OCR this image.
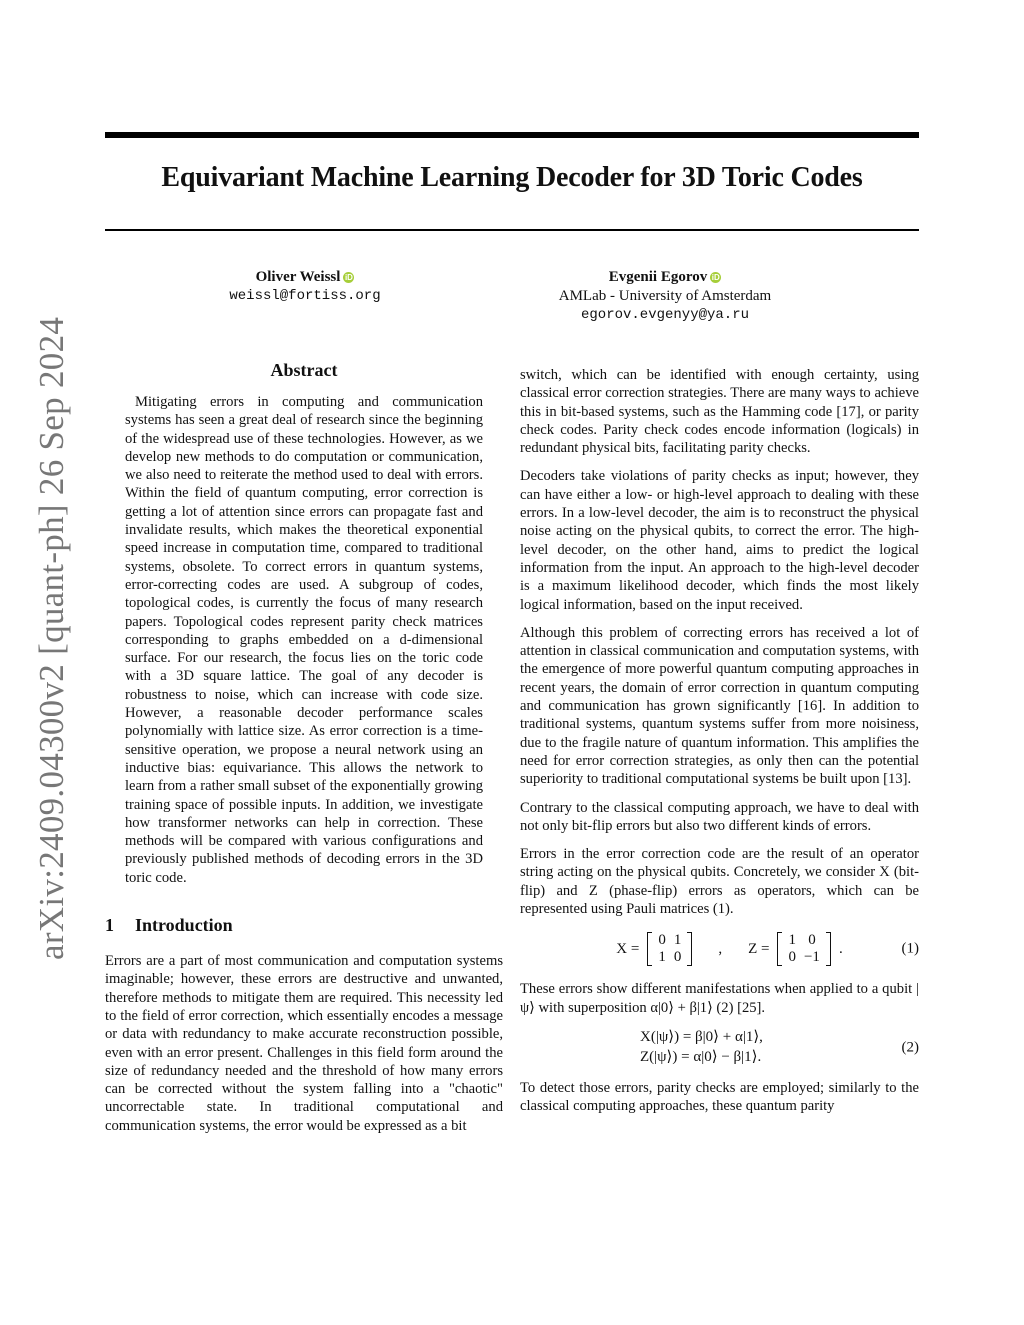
Equivariant Machine Learning Decoder for 3D Toric Codes
Oliver Weissl iD
weissl@fortiss.org
Evgenii Egorov iD
AMLab - University of Amsterdam
egorov.evgenyy@ya.ru
arXiv:2409.04300v2 [quant-ph] 26 Sep 2024	Abstract
Mitigating errors in computing and communication systems has seen a great deal of research since the beginning of the widespread use of these technologies. However, as we develop new methods to do computation or communication, we also need to reiterate the method used to deal with errors. Within the field of quantum computing, error correction is getting a lot of attention since errors can propagate fast and invalidate results, which makes the theoretical exponential speed increase in computation time, compared to traditional systems, obsolete. To correct errors in quantum systems, error-correcting codes are used. A subgroup of codes, topological codes, is currently the focus of many research papers. Topological codes represent parity check matrices corresponding to graphs embedded on a d-dimensional surface. For our research, the focus lies on the toric code with a 3D square lattice. The goal of any decoder is robustness to noise, which can increase with code size. However, a reasonable decoder performance scales polynomially with lattice size. As error correction is a time-sensitive operation, we propose a neural network using an inductive bias: equivariance. This allows the network to learn from a rather small subset of the exponentially growing training space of possible inputs. In addition, we investigate how transformer networks can help in correction. These methods will be compared with various configurations and previously published methods of decoding errors in the 3D toric code.
1 Introduction

Errors are a part of most communication and computation systems imaginable; however, these errors are destructive and unwanted, therefore methods to mitigate them are required. This necessity led to the field of error correction, which essentially encodes a message or data with redundancy to make accurate reconstruction possible, even with an error present. Challenges in this field form around the size of redundancy needed and the threshold of how many errors can be corrected without the system falling into a "chaotic" uncorrectable state. In traditional computational and communication systems, the error would be expressed as a bit

switch, which can be identified with enough certainty, using classical error correction strategies. There are many ways to achieve this in bit-based systems, such as the Hamming code [17], or parity check codes. Parity check codes encode information (logicals) in redundant physical bits, facilitating parity checks.

Decoders take violations of parity checks as input; however, they can have either a low- or high-level approach to dealing with these errors. In a low-level decoder, the aim is to reconstruct the physical noise acting on the physical qubits, to correct the error. The high-level decoder, on the other hand, aims to predict the logical information from the input. An approach to the high-level decoder is a maximum likelihood decoder, which finds the most likely logical information, based on the input received.

Although this problem of correcting errors has received a lot of attention in classical communication and computation systems, with the emergence of more powerful quantum computing approaches in recent years, the domain of error correction in quantum computing and communication has grown significantly [16]. In addition to traditional systems, quantum systems suffer from more noisiness, due to the fragile nature of quantum information. This amplifies the need for error correction strategies, as only then can the potential superiority to traditional computational systems be built upon [13].

Contrary to the classical computing approach, we have to deal with not only bit-flip errors but also two different kinds of errors.

Errors in the error correction code are the result of an operator string acting on the physical qubits. Concretely, we consider X (bit-flip) and Z (phase-flip) errors as operators, which can be represented using Pauli matrices (1).

X =
0	1
1	0
, Z =
1	0
0	−1
.	(1)

These errors show different manifestations when applied to a qubit |ψ⟩ with superposition α|0⟩ + β|1⟩ (2) [25].

X(|ψ⟩) = β|0⟩ + α|1⟩,
Z(|ψ⟩) = α|0⟩ − β|1⟩.
(2)

To detect those errors, parity checks are employed; similarly to the classical computing approaches, these quantum parity
